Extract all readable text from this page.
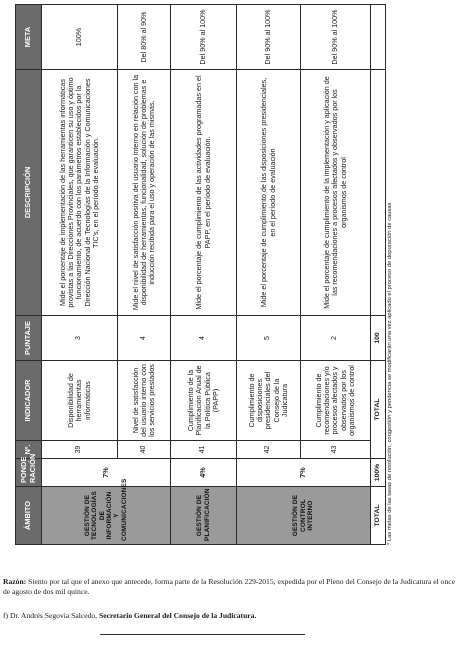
ÁMBITO	PONDE RACIÓN	Nº.	INDICADOR	PUNTAJE	DESCRIPCIÓN	META
GESTIÓN DE TECNOLOGÍAS DE INFORMACIÓN Y COMUNICACIONES	7%	39	Disponibilidad de herramientas informáticas	3	Mide el porcentaje de implementación de las herramientas informáticas provistas a las Direcciones Provinciales, que garanticen su uso y óptimo funcionamiento, de acuerdo con los parámetros establecidos por la Dirección Nacional de Tecnologías de la Información y Comunicaciones TIC's, en el período de evaluación.	100%
		40	Nivel de satisfacción del usuario interno con los servicios prestados	4	Mide el nivel de satisfacción positiva del usuario interno en relación con la disponibilidad de herramientas, funcionalidad, solución de problemas e inducción recibida para el uso y operación de las mismas.	Del 80% al 90%
GESTIÓN DE PLANIFICACIÓN	4%	41	Cumplimiento de la Planificación Anual de la Política Pública (PAPP)	4	Mide el porcentaje de cumplimiento de las actividades programadas en el PAPP, en el período de evaluación.	Del 90% al 100%
GESTIÓN DE CONTROL INTERNO	7%	42	Cumplimiento de disposiciones presidenciales del Consejo de la Judicatura	5	Mide el porcentaje de cumplimiento de las disposiciones presidenciales, en el período de evaluación	Del 90% al 100%
		43	Cumplimiento de recomendaciones y/o procesos afectados y observados por los organismos de control	2	Mide el porcentaje de cumplimiento de la implementación y aplicación de las recomendaciones a procesos afectados y observados por los organismos de control	Del 90% al 100%
TOTAL	100%	TOTAL		100		* Las metas de las tasas de resolución, congestión y pendencia se modificarán una vez aplicado el proceso de depuración de causas
Razón: Siento por tal que el anexo que antecede, forma parte de la Resolución 229-2015, expedida por el Pleno del Consejo de la Judicatura el once de agosto de dos mil quince.
f) Dr. Andrés Segovia Salcedo, Secretario General del Consejo de la Judicatura.
